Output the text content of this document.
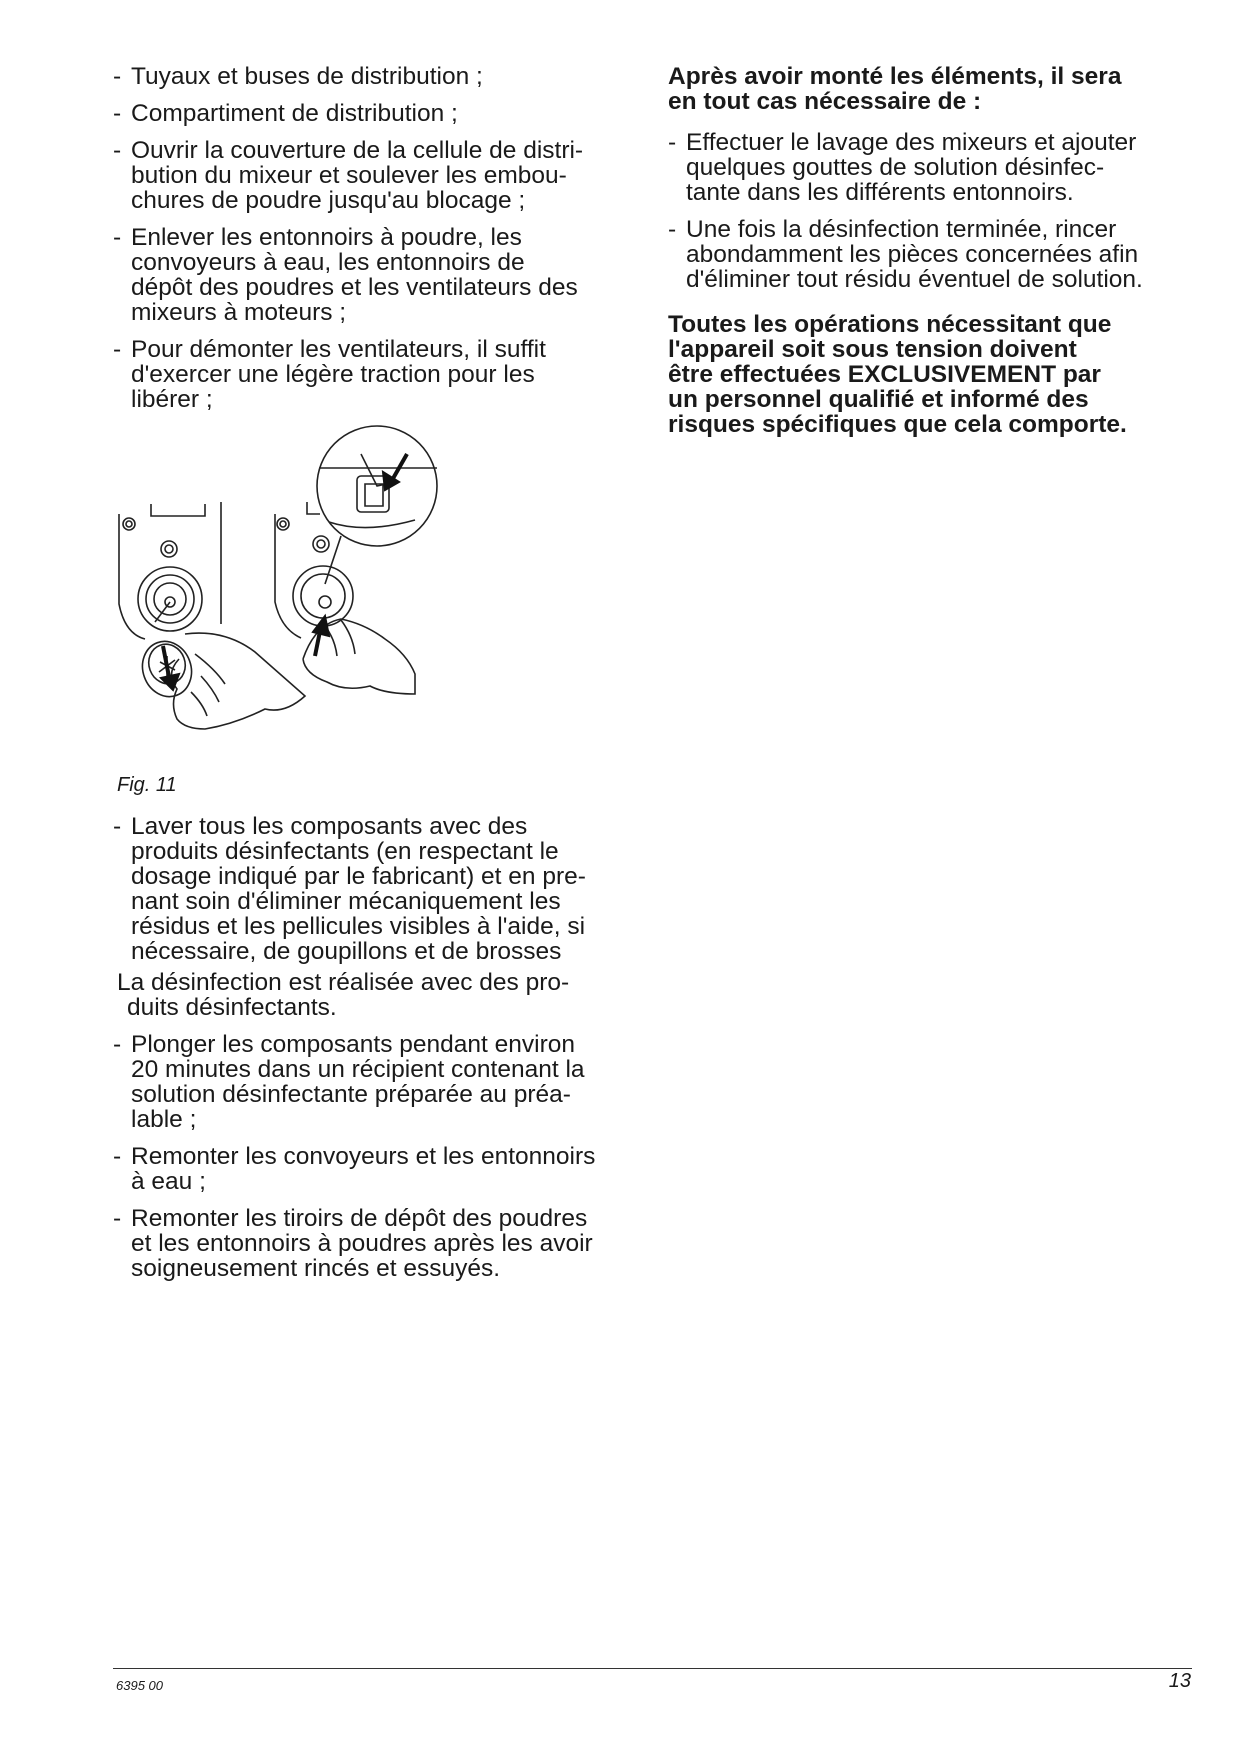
- Tuyaux et buses de distribution ;
- Compartiment de distribution ;
- Ouvrir la couverture de la cellule de distri-
bution du mixeur et soulever les embou-
chures de poudre jusqu'au blocage ;
- Enlever les entonnoirs à poudre, les
convoyeurs à eau, les entonnoirs de
dépôt des poudres et les ventilateurs des
mixeurs à moteurs ;
- Pour démonter les ventilateurs, il suffit
d'exercer une légère traction pour les
libérer ;
Fig. 11
- Laver tous les composants avec des
produits désinfectants (en respectant le
dosage indiqué par le fabricant) et en pre-
nant soin d'éliminer mécaniquement les
résidus et les pellicules visibles à l'aide, si
nécessaire, de goupillons et de brosses
La désinfection est réalisée avec des pro-
duits désinfectants.
- Plonger les composants pendant environ
20 minutes dans un récipient contenant la
solution désinfectante préparée au préa-
lable ;
- Remonter les convoyeurs et les entonnoirs
à eau ;
- Remonter les tiroirs de dépôt des poudres
et les entonnoirs à poudres après les avoir
soigneusement rincés et essuyés.
Après avoir monté les éléments, il sera
en tout cas nécessaire de :
- Effectuer le lavage des mixeurs et ajouter
quelques gouttes de solution désinfec-
tante dans les différents entonnoirs.
- Une fois la désinfection terminée, rincer
abondamment les pièces concernées afin
d'éliminer tout résidu éventuel de solution.
Toutes les opérations nécessitant que
l'appareil soit sous tension doivent
être effectuées EXCLUSIVEMENT par
un personnel qualifié et informé des
risques spécifiques que cela comporte.
6395 00	13
